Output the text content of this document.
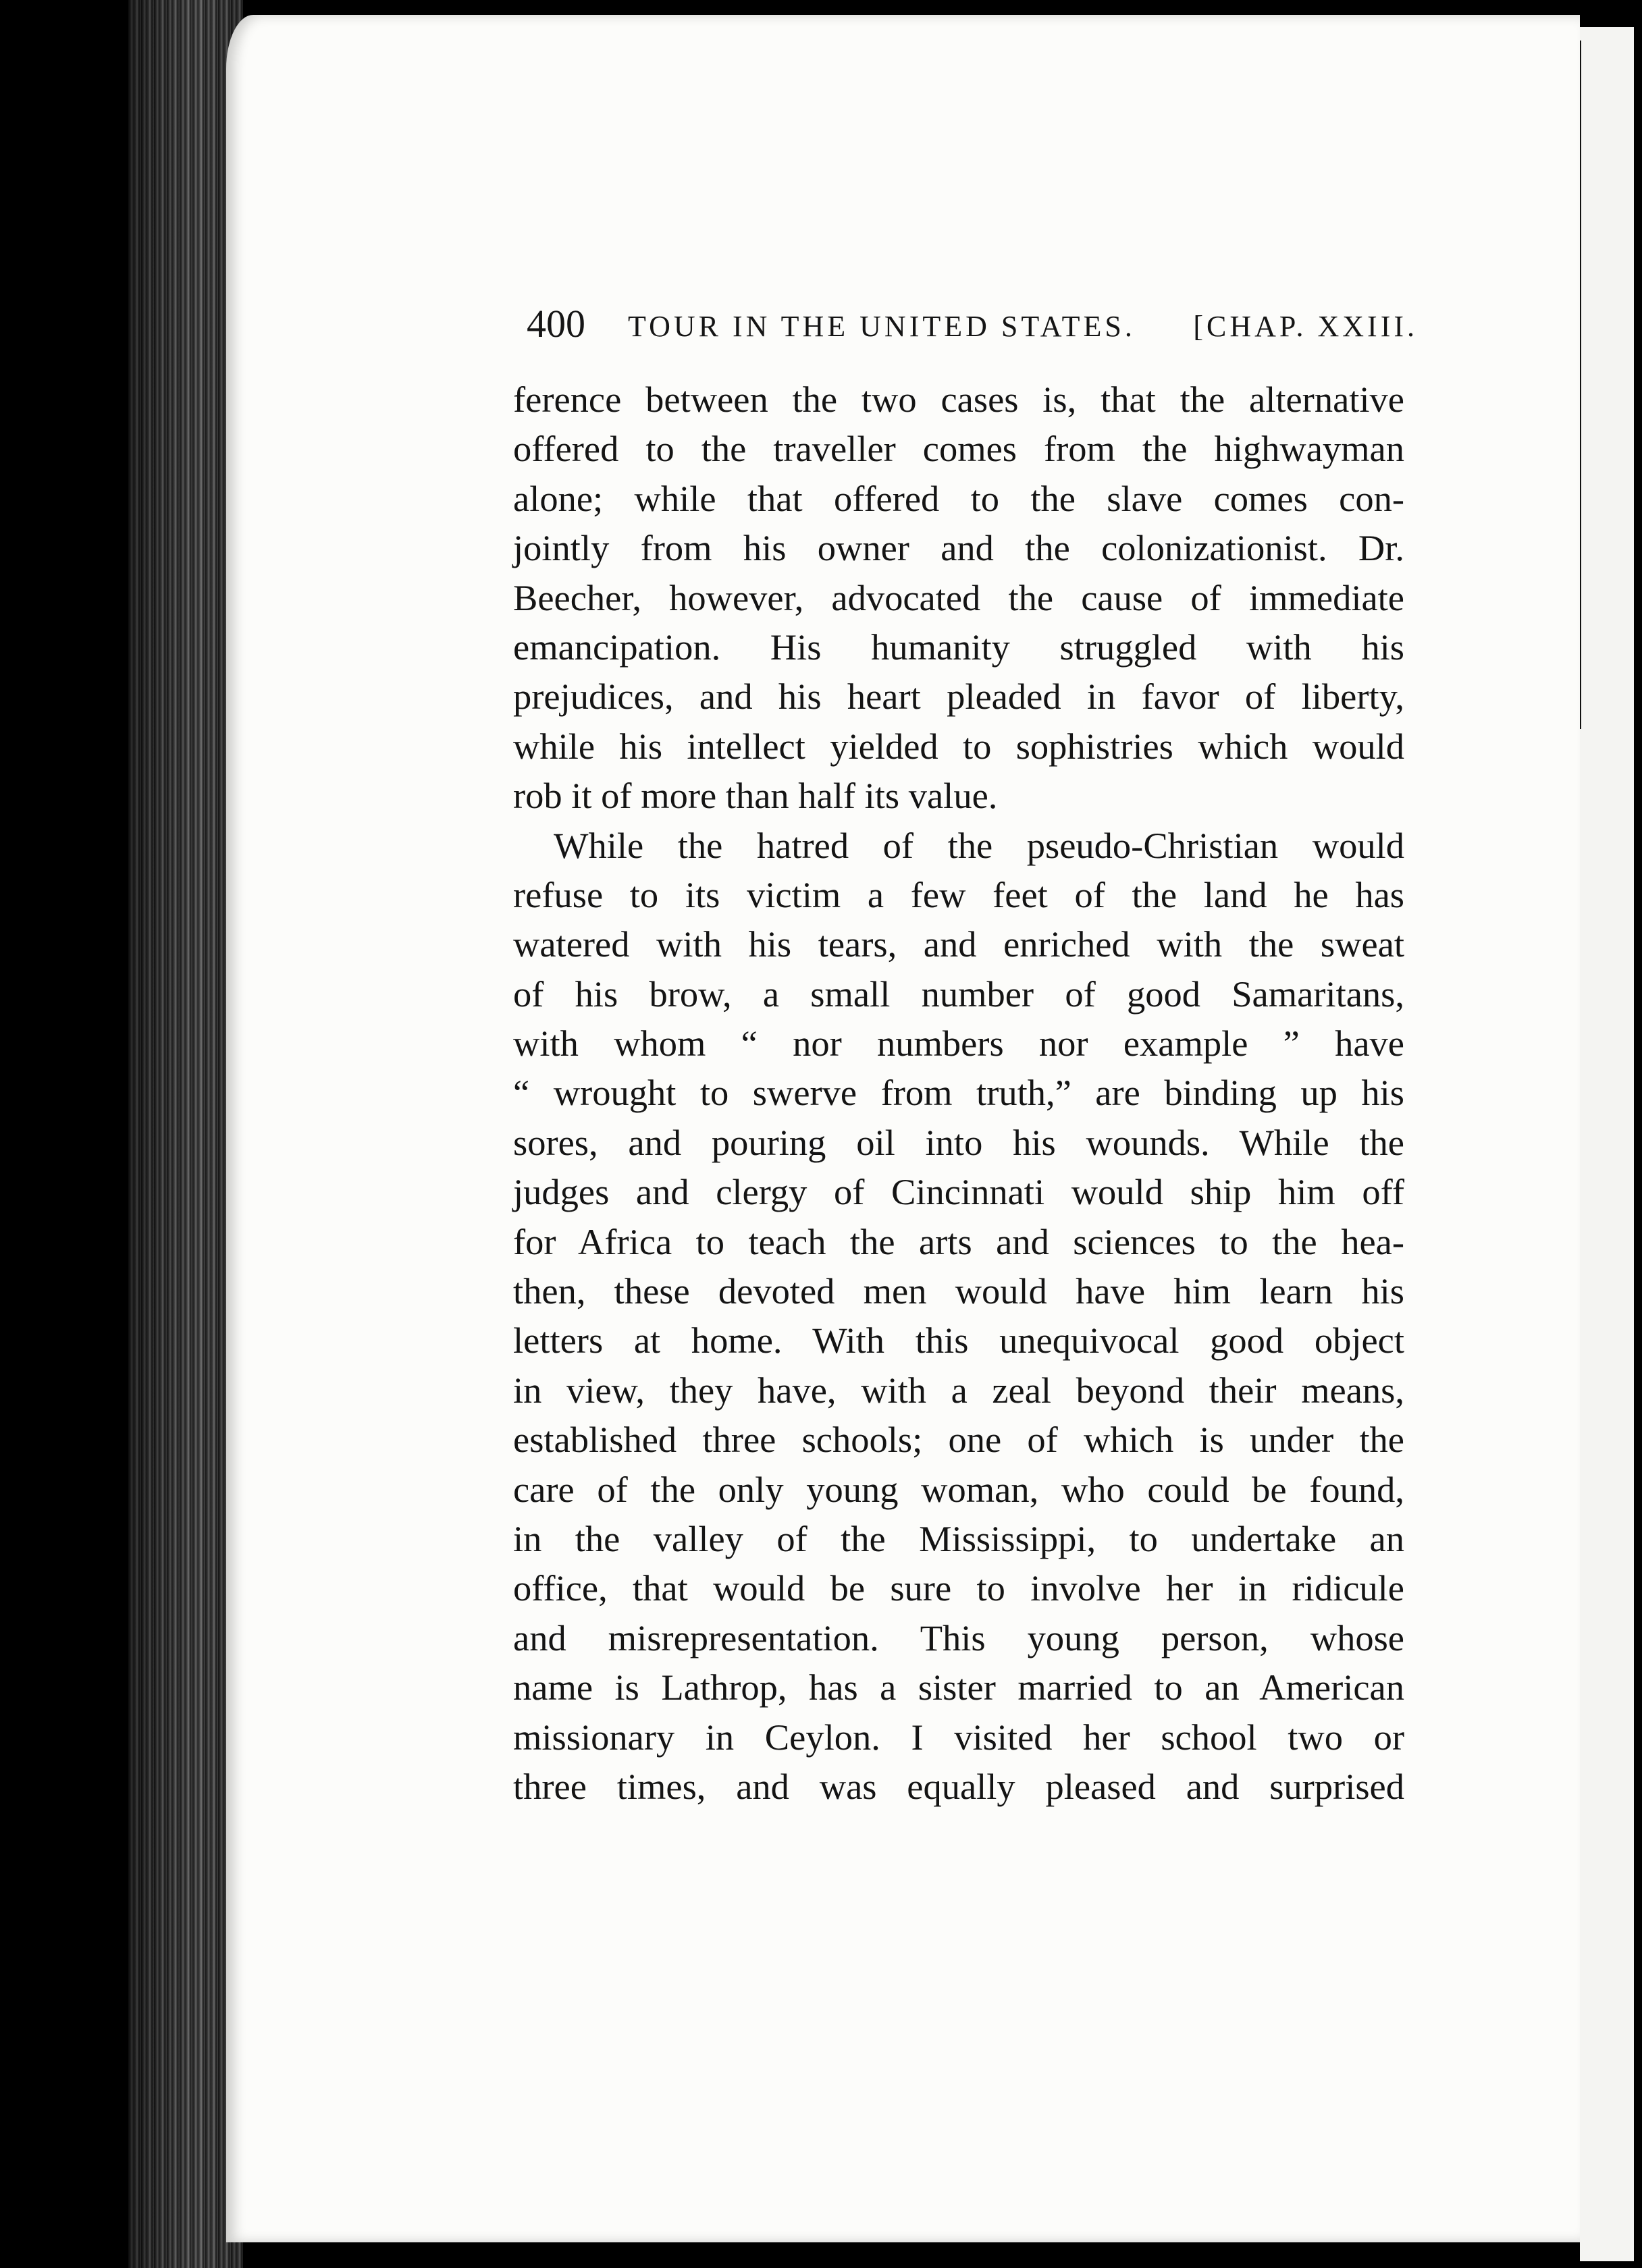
400 TOUR IN THE UNITED STATES. [CHAP. XXIII.
ference between the two cases is, that the alternative
offered to the traveller comes from the highwayman
alone; while that offered to the slave comes con-
jointly from his owner and the colonizationist. Dr.
Beecher, however, advocated the cause of immediate
emancipation. His humanity struggled with his
prejudices, and his heart pleaded in favor of liberty,
while his intellect yielded to sophistries which would
rob it of more than half its value.
While the hatred of the pseudo-Christian would
refuse to its victim a few feet of the land he has
watered with his tears, and enriched with the sweat
of his brow, a small number of good Samaritans,
with whom “ nor numbers nor example ” have
“ wrought to swerve from truth,” are binding up his
sores, and pouring oil into his wounds. While the
judges and clergy of Cincinnati would ship him off
for Africa to teach the arts and sciences to the hea-
then, these devoted men would have him learn his
letters at home. With this unequivocal good object
in view, they have, with a zeal beyond their means,
established three schools; one of which is under the
care of the only young woman, who could be found,
in the valley of the Mississippi, to undertake an
office, that would be sure to involve her in ridicule
and misrepresentation. This young person, whose
name is Lathrop, has a sister married to an American
missionary in Ceylon. I visited her school two or
three times, and was equally pleased and surprised
